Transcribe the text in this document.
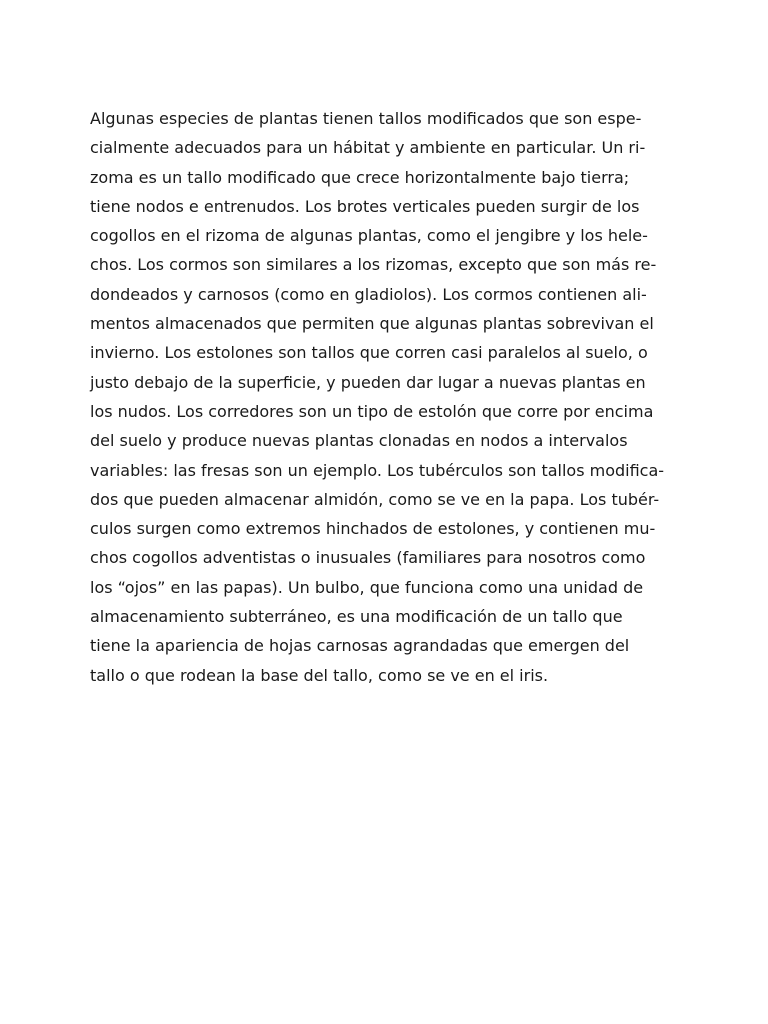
Algunas especies de plantas tienen tallos modificados que son espe-
cialmente adecuados para un hábitat y ambiente en particular. Un ri-
zoma es un tallo modificado que crece horizontalmente bajo tierra;
tiene nodos e entrenudos. Los brotes verticales pueden surgir de los
cogollos en el rizoma de algunas plantas, como el jengibre y los hele-
chos. Los cormos son similares a los rizomas, excepto que son más re-
dondeados y carnosos (como en gladiolos). Los cormos contienen ali-
mentos almacenados que permiten que algunas plantas sobrevivan el
invierno. Los estolones son tallos que corren casi paralelos al suelo, o
justo debajo de la superficie, y pueden dar lugar a nuevas plantas en
los nudos. Los corredores son un tipo de estolón que corre por encima
del suelo y produce nuevas plantas clonadas en nodos a intervalos
variables: las fresas son un ejemplo. Los tubérculos son tallos modifica-
dos que pueden almacenar almidón, como se ve en la papa. Los tubér-
culos surgen como extremos hinchados de estolones, y contienen mu-
chos cogollos adventistas o inusuales (familiares para nosotros como
los “ojos” en las papas). Un bulbo, que funciona como una unidad de
almacenamiento subterráneo, es una modificación de un tallo que
tiene la apariencia de hojas carnosas agrandadas que emergen del
tallo o que rodean la base del tallo, como se ve en el iris.
